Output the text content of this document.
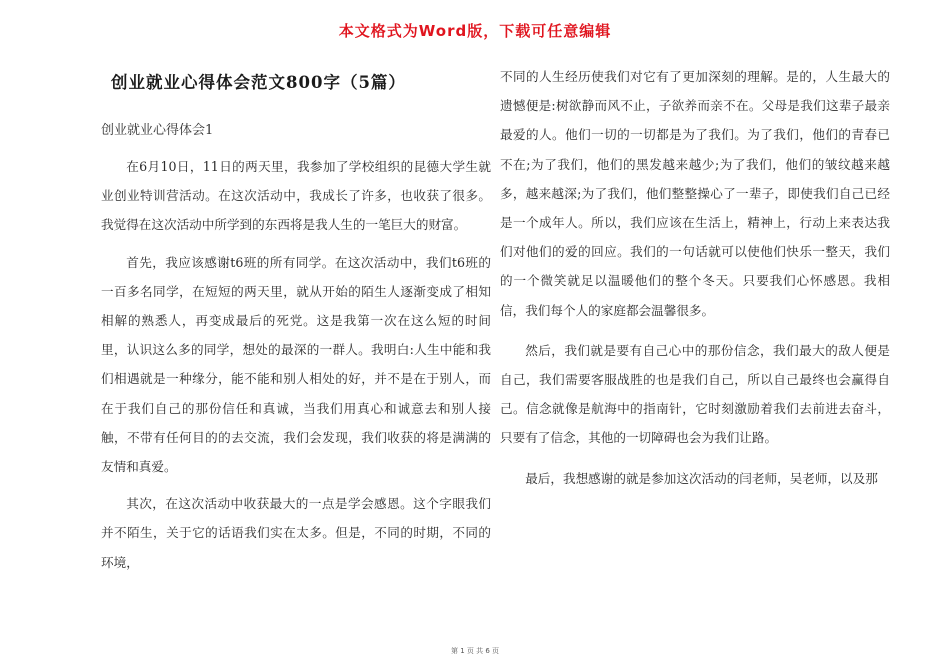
本文格式为Word版，下载可任意编辑
创业就业心得体会范文800字（5篇）
创业就业心得体会1

在6月10日，11日的两天里，我参加了学校组织的昆德大学生就业创业特训营活动。在这次活动中，我成长了许多，也收获了很多。我觉得在这次活动中所学到的东西将是我人生的一笔巨大的财富。

首先，我应该感谢t6班的所有同学。在这次活动中，我们t6班的一百多名同学，在短短的两天里，就从开始的陌生人逐渐变成了相知相解的熟悉人，再变成最后的死党。这是我第一次在这么短的时间里，认识这么多的同学，想处的最深的一群人。我明白:人生中能和我们相遇就是一种缘分，能不能和别人相处的好，并不是在于别人，而在于我们自己的那份信任和真诚，当我们用真心和诚意去和别人接触，不带有任何目的的去交流，我们会发现，我们收获的将是满满的友情和真爱。

其次，在这次活动中收获最大的一点是学会感恩。这个字眼我们并不陌生，关于它的话语我们实在太多。但是，不同的时期，不同的环境，

不同的人生经历使我们对它有了更加深刻的理解。是的，人生最大的遗憾便是:树欲静而风不止，子欲养而亲不在。父母是我们这辈子最亲最爱的人。他们一切的一切都是为了我们。为了我们，他们的青春已不在;为了我们，他们的黑发越来越少;为了我们，他们的皱纹越来越多，越来越深;为了我们，他们整整操心了一辈子，即使我们自己已经是一个成年人。所以，我们应该在生活上，精神上，行动上来表达我们对他们的爱的回应。我们的一句话就可以使他们快乐一整天，我们的一个微笑就足以温暖他们的整个冬天。只要我们心怀感恩。我相信，我们每个人的家庭都会温馨很多。

然后，我们就是要有自己心中的那份信念，我们最大的敌人便是自己，我们需要客服战胜的也是我们自己，所以自己最终也会赢得自己。信念就像是航海中的指南针，它时刻激励着我们去前进去奋斗，只要有了信念，其他的一切障碍也会为我们让路。

最后，我想感谢的就是参加这次活动的闫老师，吴老师，以及那

第 1 页 共 6 页
